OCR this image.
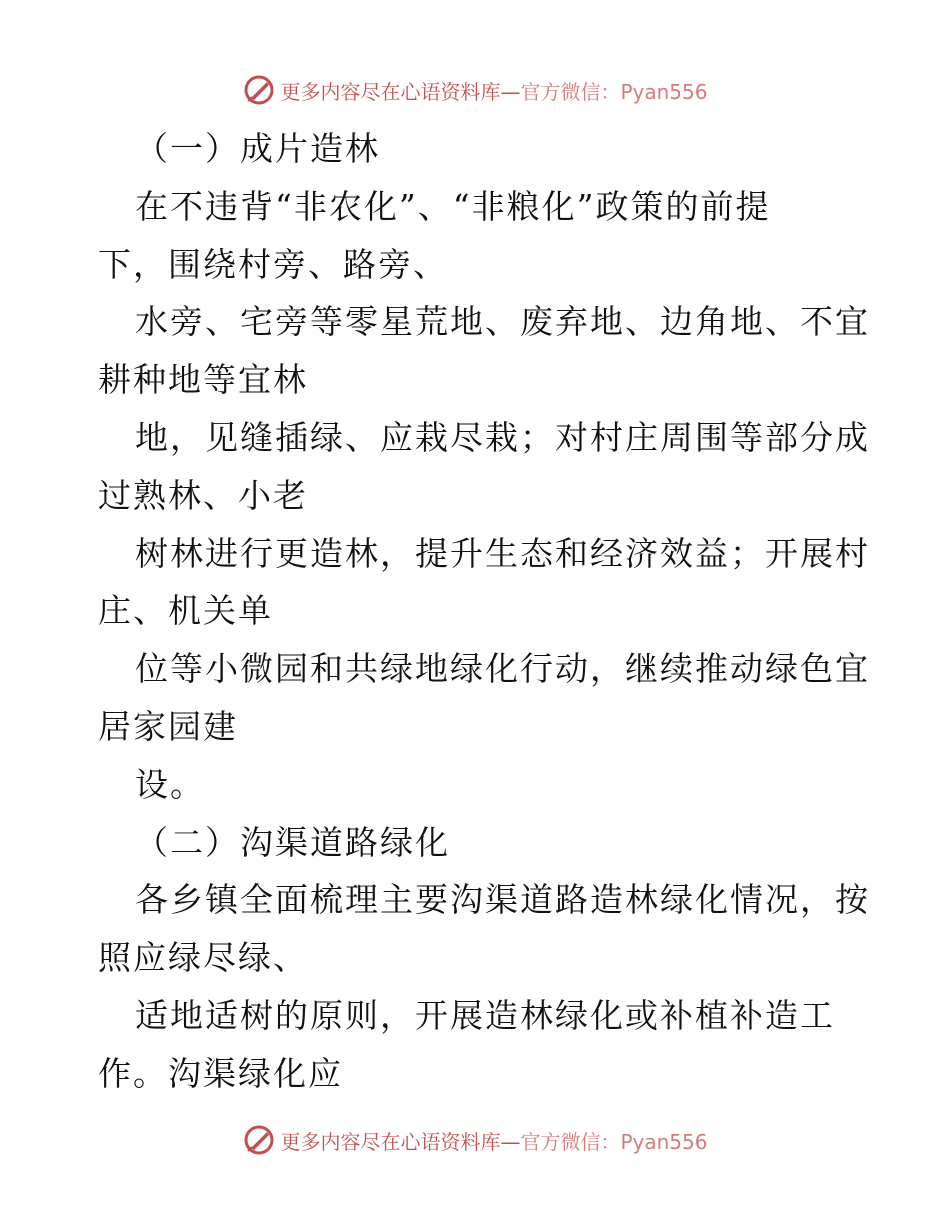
更多内容尽在心语资料库—官方微信：Pyan556
（一）成片造林
在不违背“非农化”、“非粮化”政策的前提
下，围绕村旁、路旁、
水旁、宅旁等零星荒地、废弃地、边角地、不宜
耕种地等宜林
地，见缝插绿、应栽尽栽；对村庄周围等部分成
过熟林、小老
树林进行更造林，提升生态和经济效益；开展村
庄、机关单
位等小微园和共绿地绿化行动，继续推动绿色宜
居家园建
设。
（二）沟渠道路绿化
各乡镇全面梳理主要沟渠道路造林绿化情况，按
照应绿尽绿、
适地适树的原则，开展造林绿化或补植补造工
作。沟渠绿化应
更多内容尽在心语资料库—官方微信：Pyan556
